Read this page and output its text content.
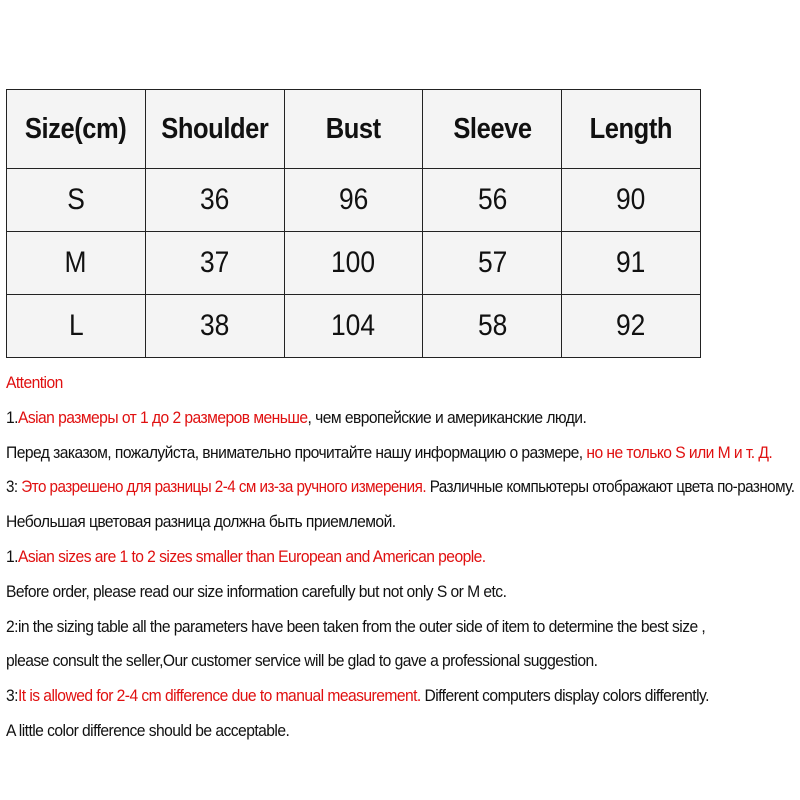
Size(cm)	Shoulder	Bust	Sleeve	Length
S	36	96	56	90
M	37	100	57	91
L	38	104	58	92
Attention
1.Asian размеры от 1 до 2 размеров меньше, чем европейские и американские люди.
Перед заказом, пожалуйста, внимательно прочитайте нашу информацию о размере, но не только S или M и т. Д.
3: Это разрешено для разницы 2-4 см из-за ручного измерения. Различные компьютеры отображают цвета по-разному.
Небольшая цветовая разница должна быть приемлемой.
1.Asian sizes are 1 to 2 sizes smaller than European and American people.
Before order, please read our size information carefully but not only S or M etc.
2:in the sizing table all the parameters have been taken from the outer side of item to determine the best size ,
please consult the seller,Our customer service will be glad to gave a professional suggestion.
3:It is allowed for 2-4 cm difference due to manual measurement. Different computers display colors differently.
A little color difference should be acceptable.
